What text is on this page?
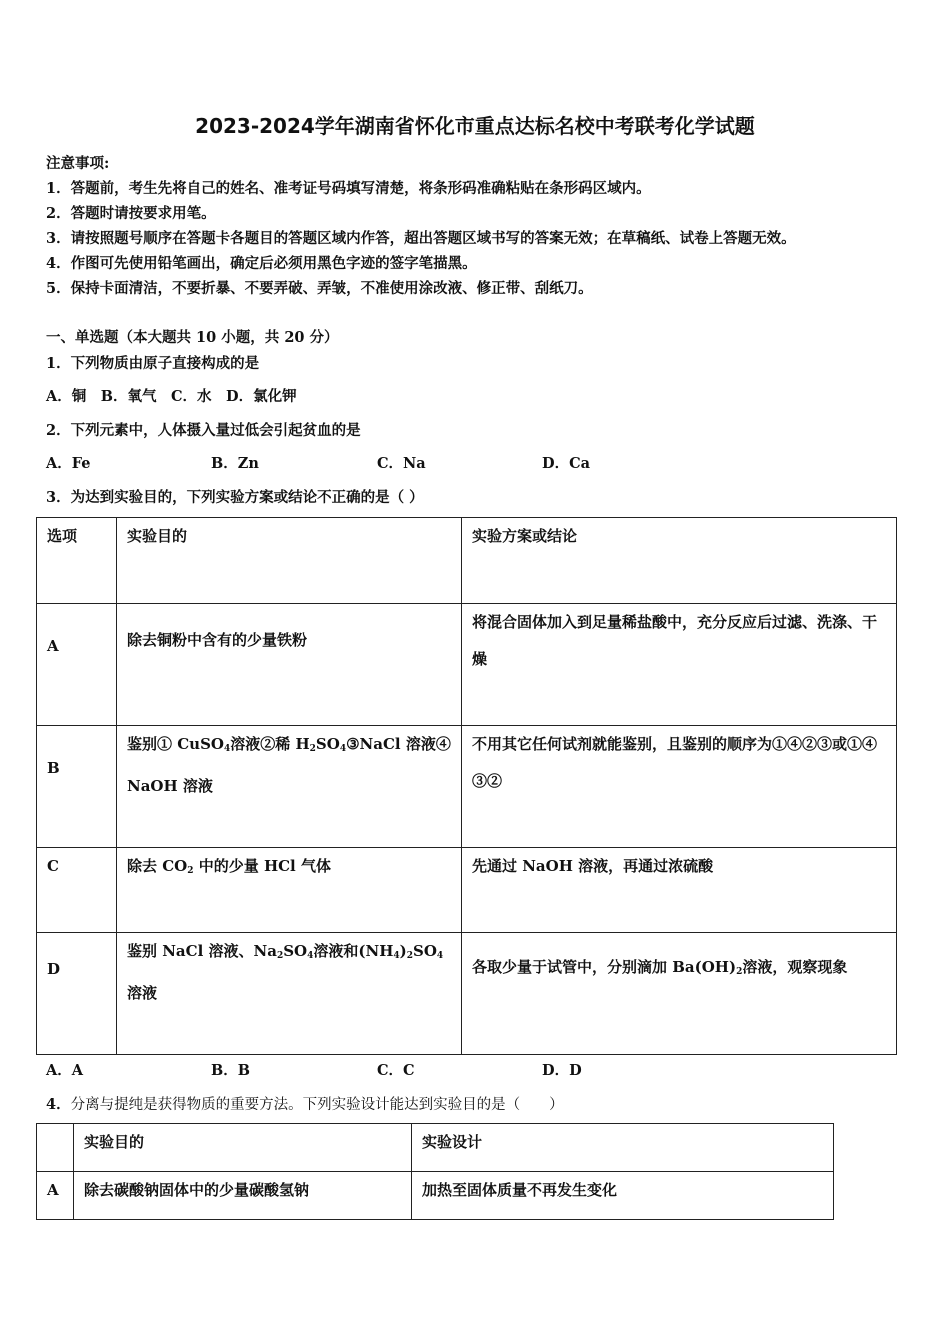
2023-2024学年湖南省怀化市重点达标名校中考联考化学试题
注意事项:
1．答题前，考生先将自己的姓名、准考证号码填写清楚，将条形码准确粘贴在条形码区域内。
2．答题时请按要求用笔。
3．请按照题号顺序在答题卡各题目的答题区域内作答，超出答题区域书写的答案无效；在草稿纸、试卷上答题无效。
4．作图可先使用铅笔画出，确定后必须用黑色字迹的签字笔描黑。
5．保持卡面清洁，不要折暴、不要弄破、弄皱，不准使用涂改液、修正带、刮纸刀。
一、单选题（本大题共 10 小题，共 20 分）
1．下列物质由原子直接构成的是
A．铜　B．氧气　C．水　D．氯化钾
2．下列元素中，人体摄入量过低会引起贫血的是
A．Fe	B．Zn	C．Na	D．Ca
3．为达到实验目的，下列实验方案或结论不正确的是（ ）
选项	实验目的	实验方案或结论
A	除去铜粉中含有的少量铁粉	将混合固体加入到足量稀盐酸中，充分反应后过滤、洗涤、干燥
B	鉴别① CuSO$_4$溶液②稀 $H_2SO_4③NaCl$ 溶液④ NaOH 溶液	不用其它任何试剂就能鉴别，且鉴别的顺序为①④②③或①④③②
C	除去 $CO_2$ 中的少量 HCl 气体	先通过 NaOH 溶液，再通过浓硫酸
D	鉴别 NaCl 溶液、$Na_2SO_4$溶液和$(NH_4)_2SO_4$溶液	各取少量于试管中，分别滴加 $Ba(OH)_2$溶液，观察现象
A．A	B．B	C．C	D．D
4．分离与提纯是获得物质的重要方法。下列实验设计能达到实验目的是（　　）
	实验目的	实验设计
A	除去碳酸钠固体中的少量碳酸氢钠	加热至固体质量不再发生变化
